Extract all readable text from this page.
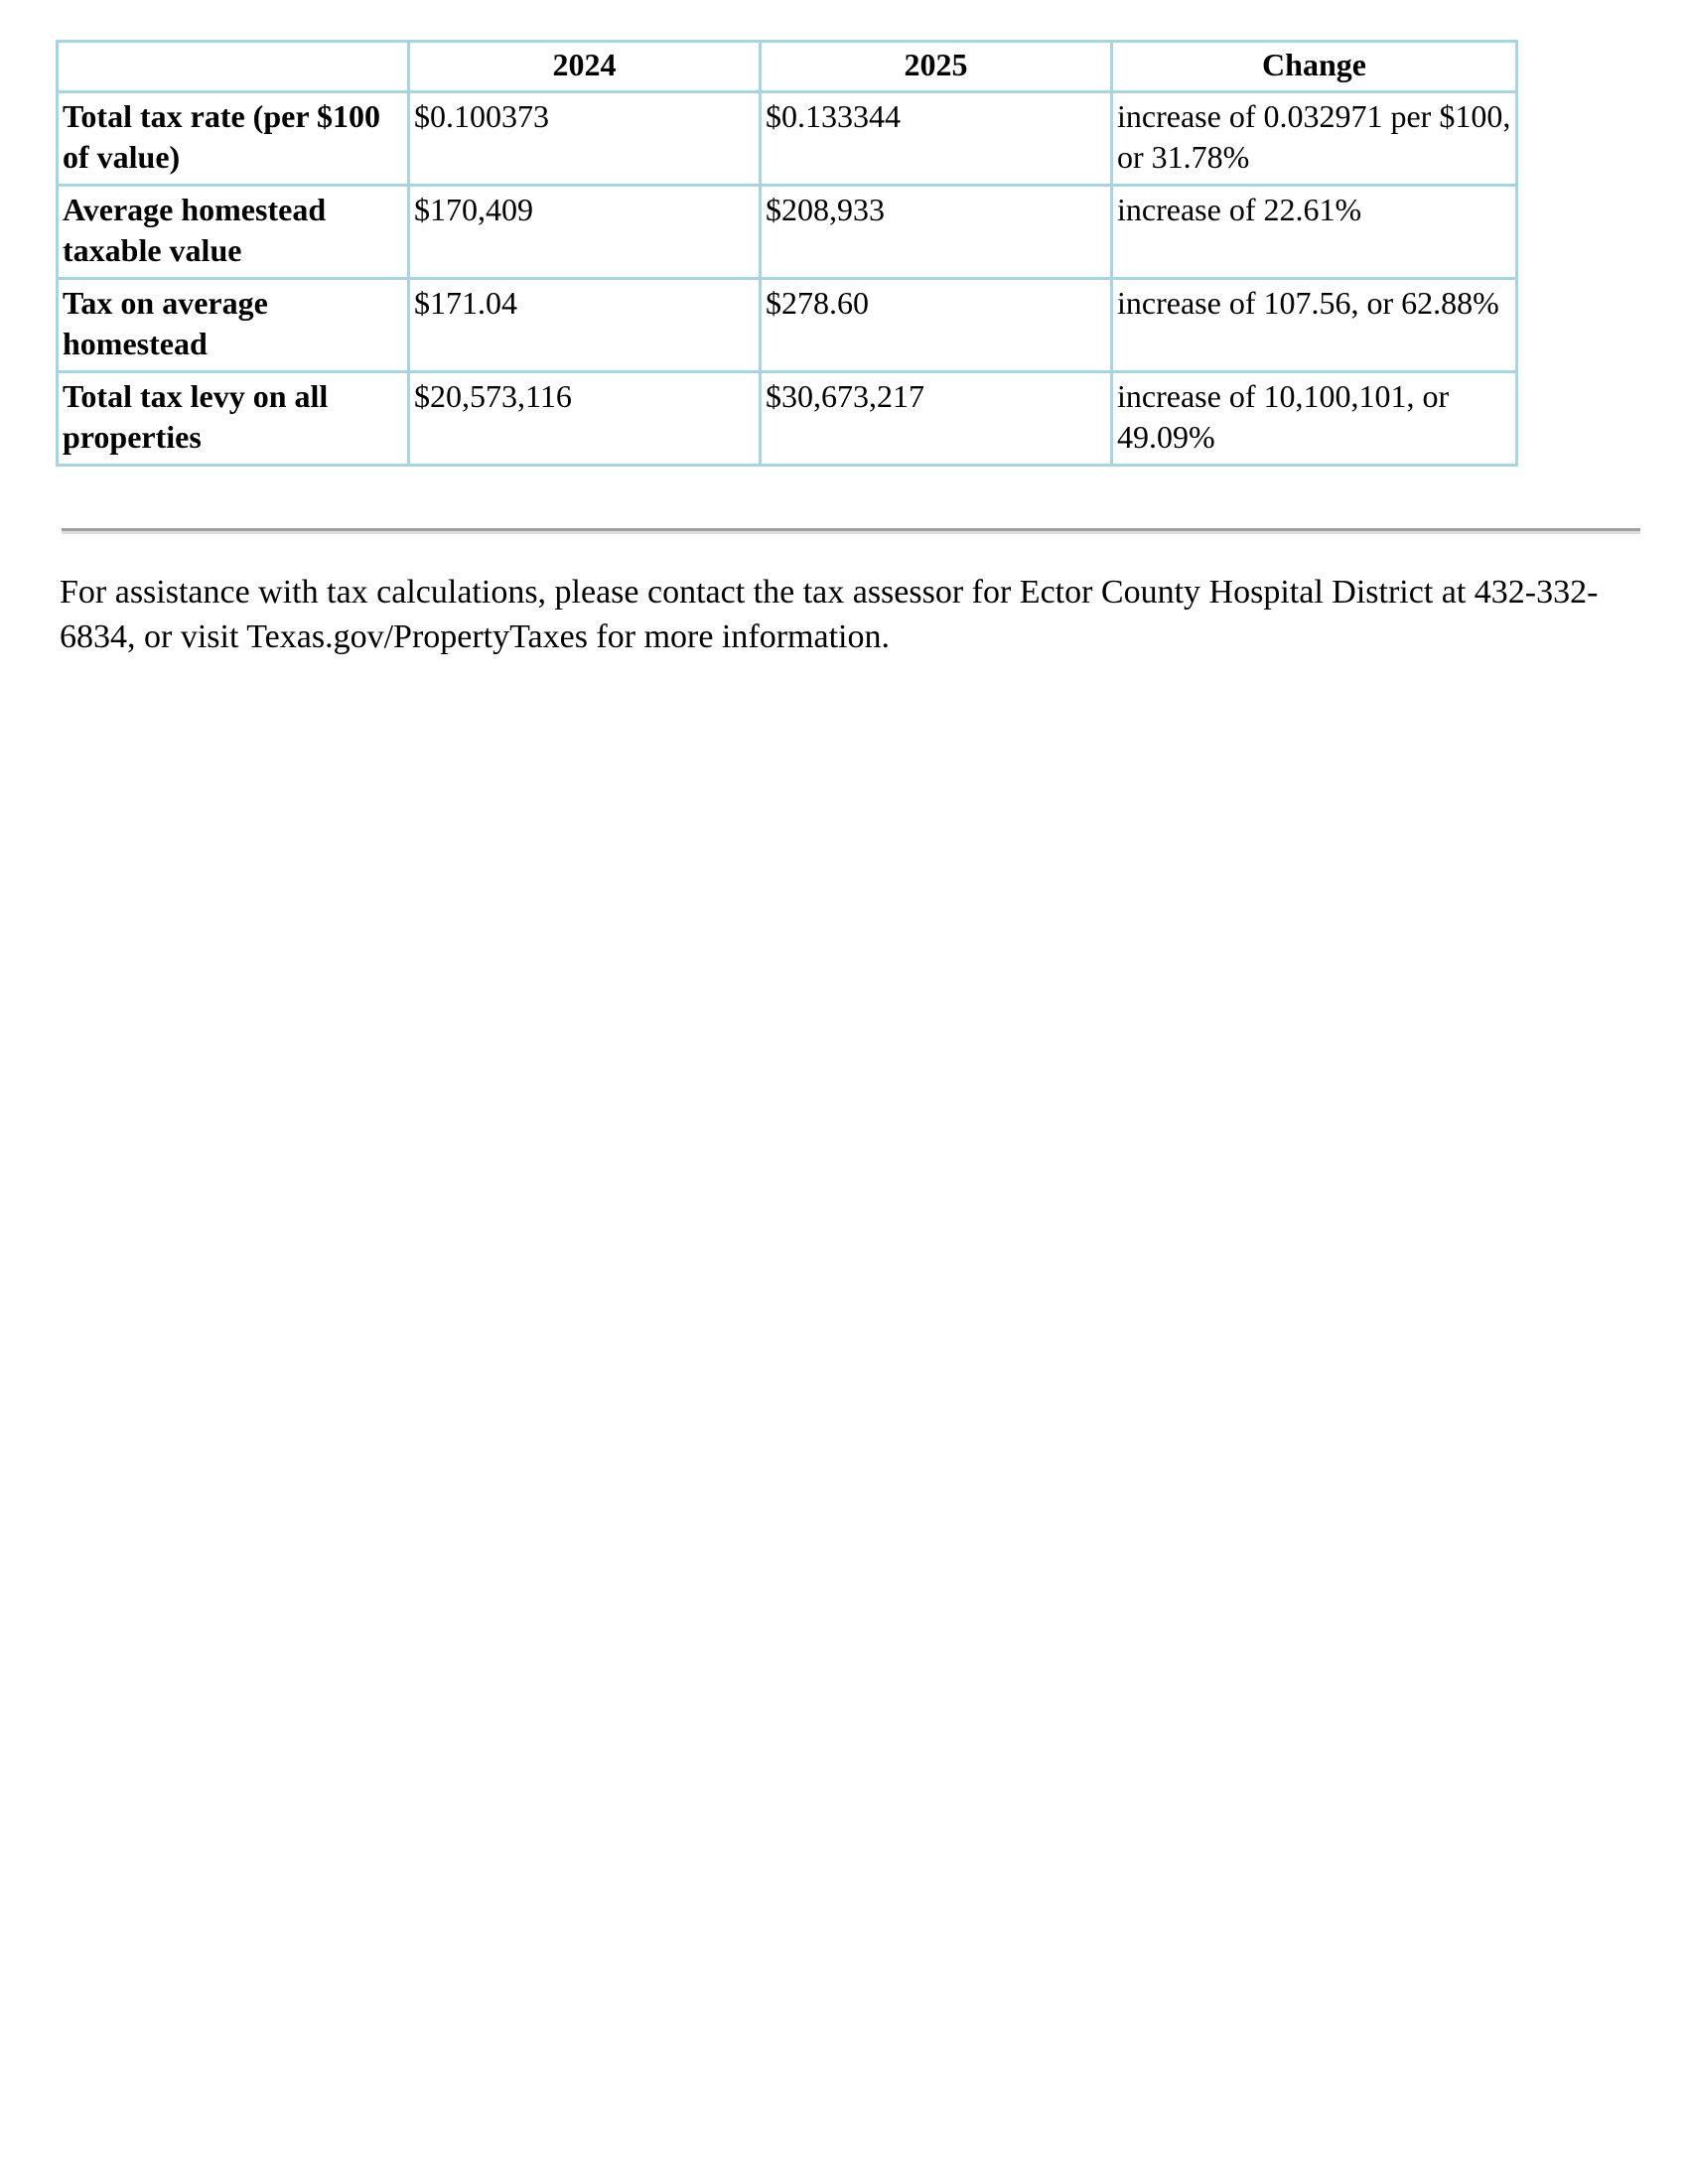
	2024	2025	Change
Total tax rate (per $100 of value)	$0.100373	$0.133344	increase of 0.032971 per $100, or 31.78%
Average homestead taxable value	$170,409	$208,933	increase of 22.61%
Tax on average homestead	$171.04	$278.60	increase of 107.56, or 62.88%
Total tax levy on all properties	$20,573,116	$30,673,217	increase of 10,100,101, or 49.09%

For assistance with tax calculations, please contact the tax assessor for Ector County Hospital District at 432-332-6834, or visit Texas.gov/PropertyTaxes for more information.
